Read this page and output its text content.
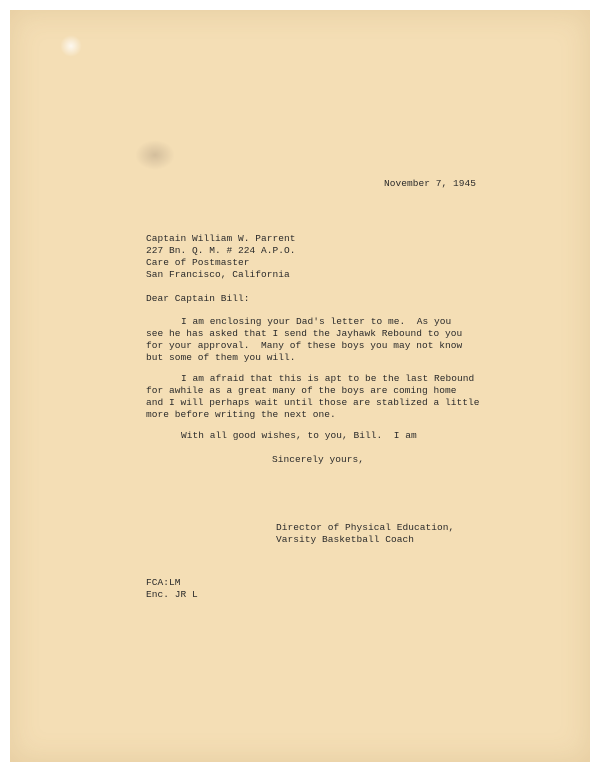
November 7, 1945
Captain William W. Parrent
227 Bn. Q. M. # 224 A.P.O.
Care of Postmaster
San Francisco, California
Dear Captain Bill:
I am enclosing your Dad's letter to me.  As you
see he has asked that I send the Jayhawk Rebound to you
for your approval.  Many of these boys you may not know
but some of them you will.
I am afraid that this is apt to be the last Rebound
for awhile as a great many of the boys are coming home
and I will perhaps wait until those are stablized a little
more before writing the next one.
With all good wishes, to you, Bill.  I am
Sincerely yours,
Director of Physical Education,
Varsity Basketball Coach
FCA:LM
Enc. JR L
